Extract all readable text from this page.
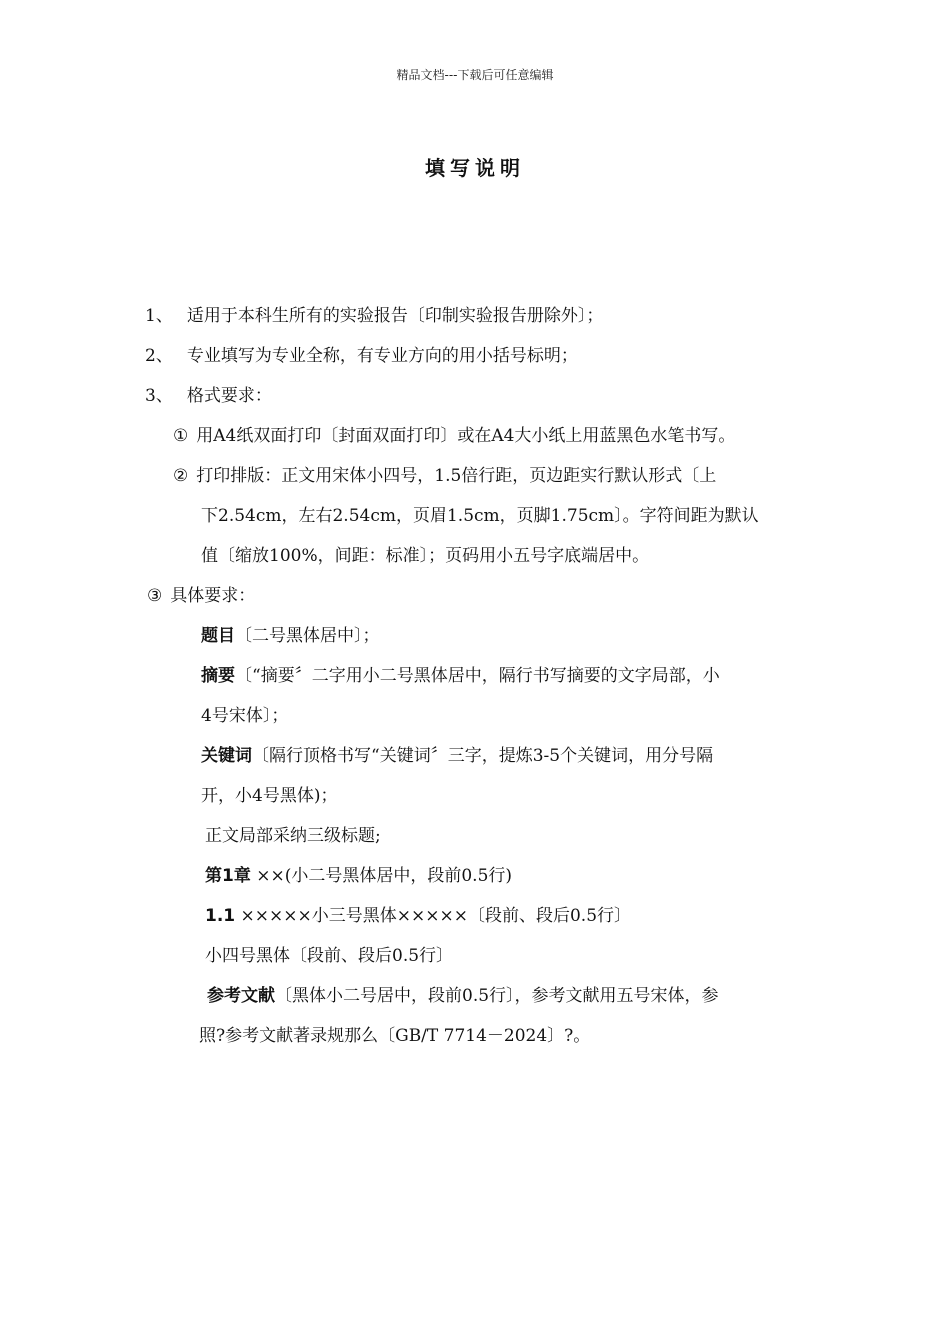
精品文档---下载后可任意编辑
填写说明
1、 适用于本科生所有的实验报告〔印制实验报告册除外〕；
2、 专业填写为专业全称，有专业方向的用小括号标明；
3、 格式要求：
① 用A4纸双面打印〔封面双面打印〕或在A4大小纸上用蓝黑色水笔书写。
② 打印排版：正文用宋体小四号，1.5倍行距，页边距实行默认形式〔上
下2.54cm，左右2.54cm，页眉1.5cm，页脚1.75cm〕。字符间距为默认
值〔缩放100%，间距：标准〕；页码用小五号字底端居中。
③ 具体要求：
题目〔二号黑体居中〕；
摘要〔“摘要〞二字用小二号黑体居中，隔行书写摘要的文字局部，小
4号宋体〕；
关键词〔隔行顶格书写“关键词〞三字，提炼3-5个关键词，用分号隔
开，小4号黑体)；
正文局部采纳三级标题;
第1章 ××(小二号黑体居中，段前0.5行)
1.1 ×××××小三号黑体×××××〔段前、段后0.5行〕
小四号黑体〔段前、段后0.5行〕
参考文献〔黑体小二号居中，段前0.5行〕，参考文献用五号宋体，参
照?参考文献著录规那么〔GB/T 7714－2024〕?。
